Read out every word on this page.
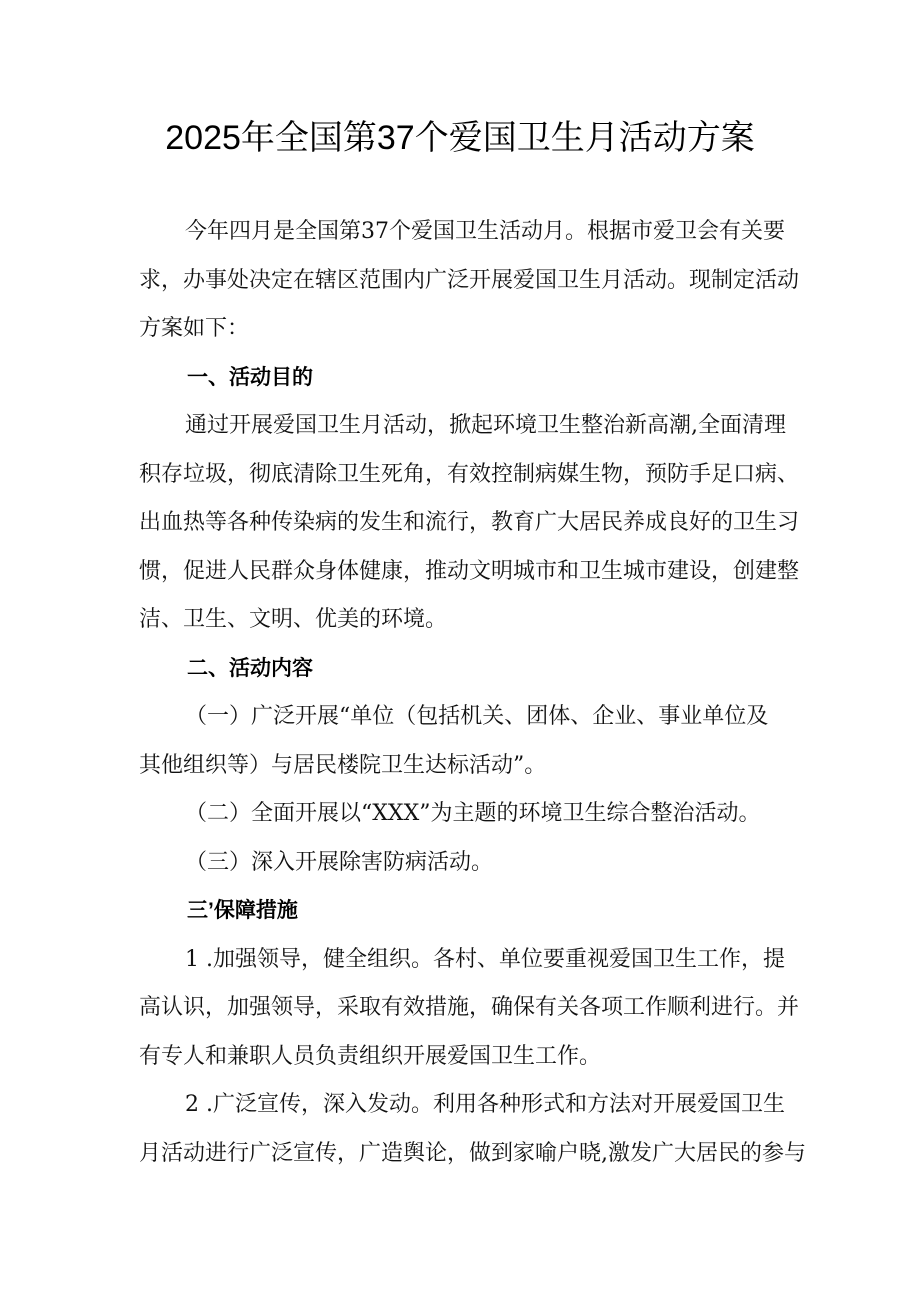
2025年全国第37个爱国卫生月活动方案
今年四月是全国第37个爱国卫生活动月。根据市爱卫会有关要
求，办事处决定在辖区范围内广泛开展爱国卫生月活动。现制定活动
方案如下：
一、活动目的
通过开展爱国卫生月活动，掀起环境卫生整治新高潮,全面清理
积存垃圾，彻底清除卫生死角，有效控制病媒生物，预防手足口病、
出血热等各种传染病的发生和流行，教育广大居民养成良好的卫生习
惯，促进人民群众身体健康，推动文明城市和卫生城市建设，创建整
洁、卫生、文明、优美的环境。
二、活动内容
（一）广泛开展“单位（包括机关、团体、企业、事业单位及
其他组织等）与居民楼院卫生达标活动”。
（二）全面开展以“XXX”为主题的环境卫生综合整治活动。
（三）深入开展除害防病活动。
三’保障措施
1 .加强领导，健全组织。各村、单位要重视爱国卫生工作，提
高认识，加强领导，采取有效措施，确保有关各项工作顺利进行。并
有专人和兼职人员负责组织开展爱国卫生工作。
2 .广泛宣传，深入发动。利用各种形式和方法对开展爱国卫生
月活动进行广泛宣传，广造舆论，做到家喻户晓,激发广大居民的参与
